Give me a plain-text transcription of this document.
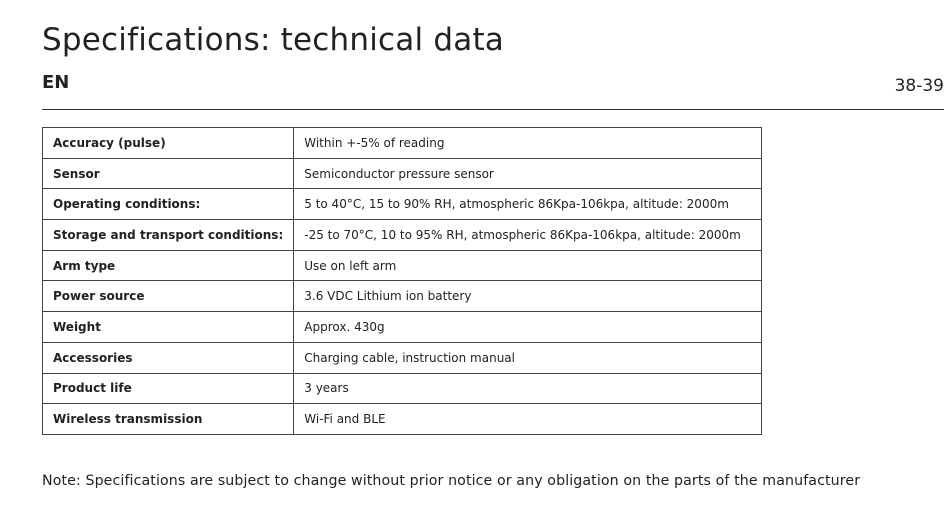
Specifications: technical data
EN	38-39
Accuracy (pulse)	Within +-5% of reading
Sensor	Semiconductor pressure sensor
Operating conditions:	5 to 40°C, 15 to 90% RH, atmospheric 86Kpa-106kpa, altitude: 2000m
Storage and transport conditions:	-25 to 70°C, 10 to 95% RH, atmospheric 86Kpa-106kpa, altitude: 2000m
Arm type	Use on left arm
Power source	3.6 VDC Lithium ion battery
Weight	Approx. 430g
Accessories	Charging cable, instruction manual
Product life	3 years
Wireless transmission	Wi-Fi and BLE
Note: Specifications are subject to change without prior notice or any obligation on the parts of the manufacturer
